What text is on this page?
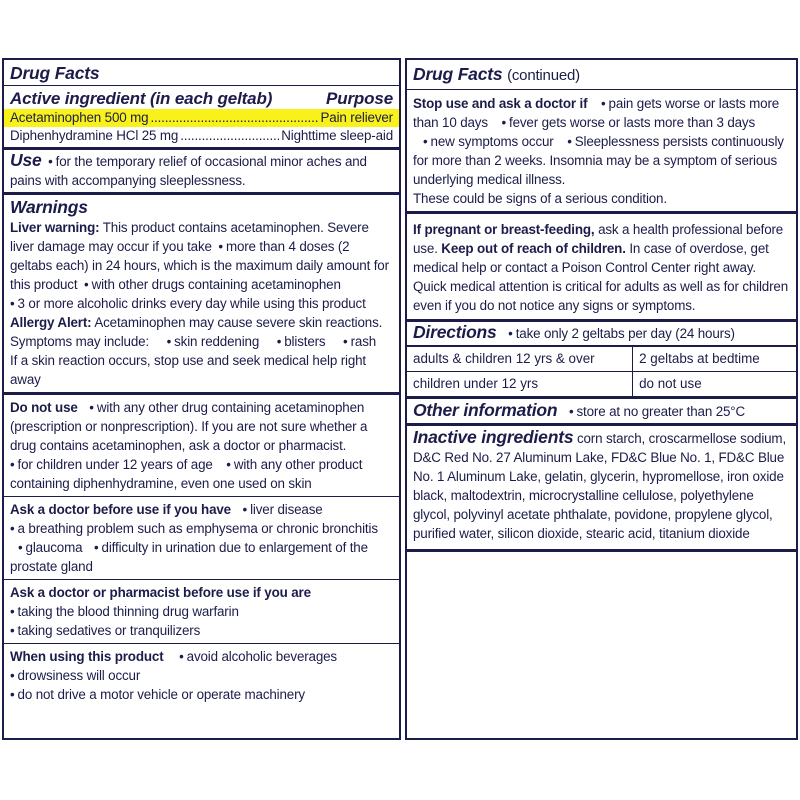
Drug Facts
Active ingredient (in each geltab)	Purpose
Acetaminophen 500 mg .....	Pain reliever
Diphenhydramine HCl 25 mg .....	Nighttime sleep-aid

Use • for the temporary relief of occasional minor aches and pains with accompanying sleeplessness.

Warnings

Liver warning: This product contains acetaminophen. Severe liver damage may occur if you take • more than 4 doses (2 geltabs each) in 24 hours, which is the maximum daily amount for this product • with other drugs containing acetaminophen

• 3 or more alcoholic drinks every day while using this product

Allergy Alert: Acetaminophen may cause severe skin reactions. Symptoms may include: • skin reddening • blisters • rash

If a skin reaction occurs, stop use and seek medical help right away

Do not use • with any other drug containing acetaminophen (prescription or nonprescription). If you are not sure whether a drug contains acetaminophen, ask a doctor or pharmacist.

• for children under 12 years of age • with any other product containing diphenhydramine, even one used on skin

Ask a doctor before use if you have • liver disease

• a breathing problem such as emphysema or chronic bronchitis • glaucoma • difficulty in urination due to enlargement of the prostate gland

Ask a doctor or pharmacist before use if you are

• taking the blood thinning drug warfarin

• taking sedatives or tranquilizers

When using this product • avoid alcoholic beverages

• drowsiness will occur

• do not drive a motor vehicle or operate machinery

Drug Facts (continued)

Stop use and ask a doctor if • pain gets worse or lasts more than 10 days • fever gets worse or lasts more than 3 days • new symptoms occur • Sleeplessness persists continuously for more than 2 weeks. Insomnia may be a symptom of serious underlying medical illness.

These could be signs of a serious condition.

If pregnant or breast-feeding, ask a health professional before use. Keep out of reach of children. In case of overdose, get medical help or contact a Poison Control Center right away. Quick medical attention is critical for adults as well as for children even if you do not notice any signs or symptoms.

Directions • take only 2 geltabs per day (24 hours)

adults & children 12 yrs & over	2 geltabs at bedtime
children under 12 yrs	do not use

Other information • store at no greater than 25°C

Inactive ingredients corn starch, croscarmellose sodium, D&C Red No. 27 Aluminum Lake, FD&C Blue No. 1, FD&C Blue No. 1 Aluminum Lake, gelatin, glycerin, hypromellose, iron oxide black, maltodextrin, microcrystalline cellulose, polyethylene glycol, polyvinyl acetate phthalate, povidone, propylene glycol, purified water, silicon dioxide, stearic acid, titanium dioxide
